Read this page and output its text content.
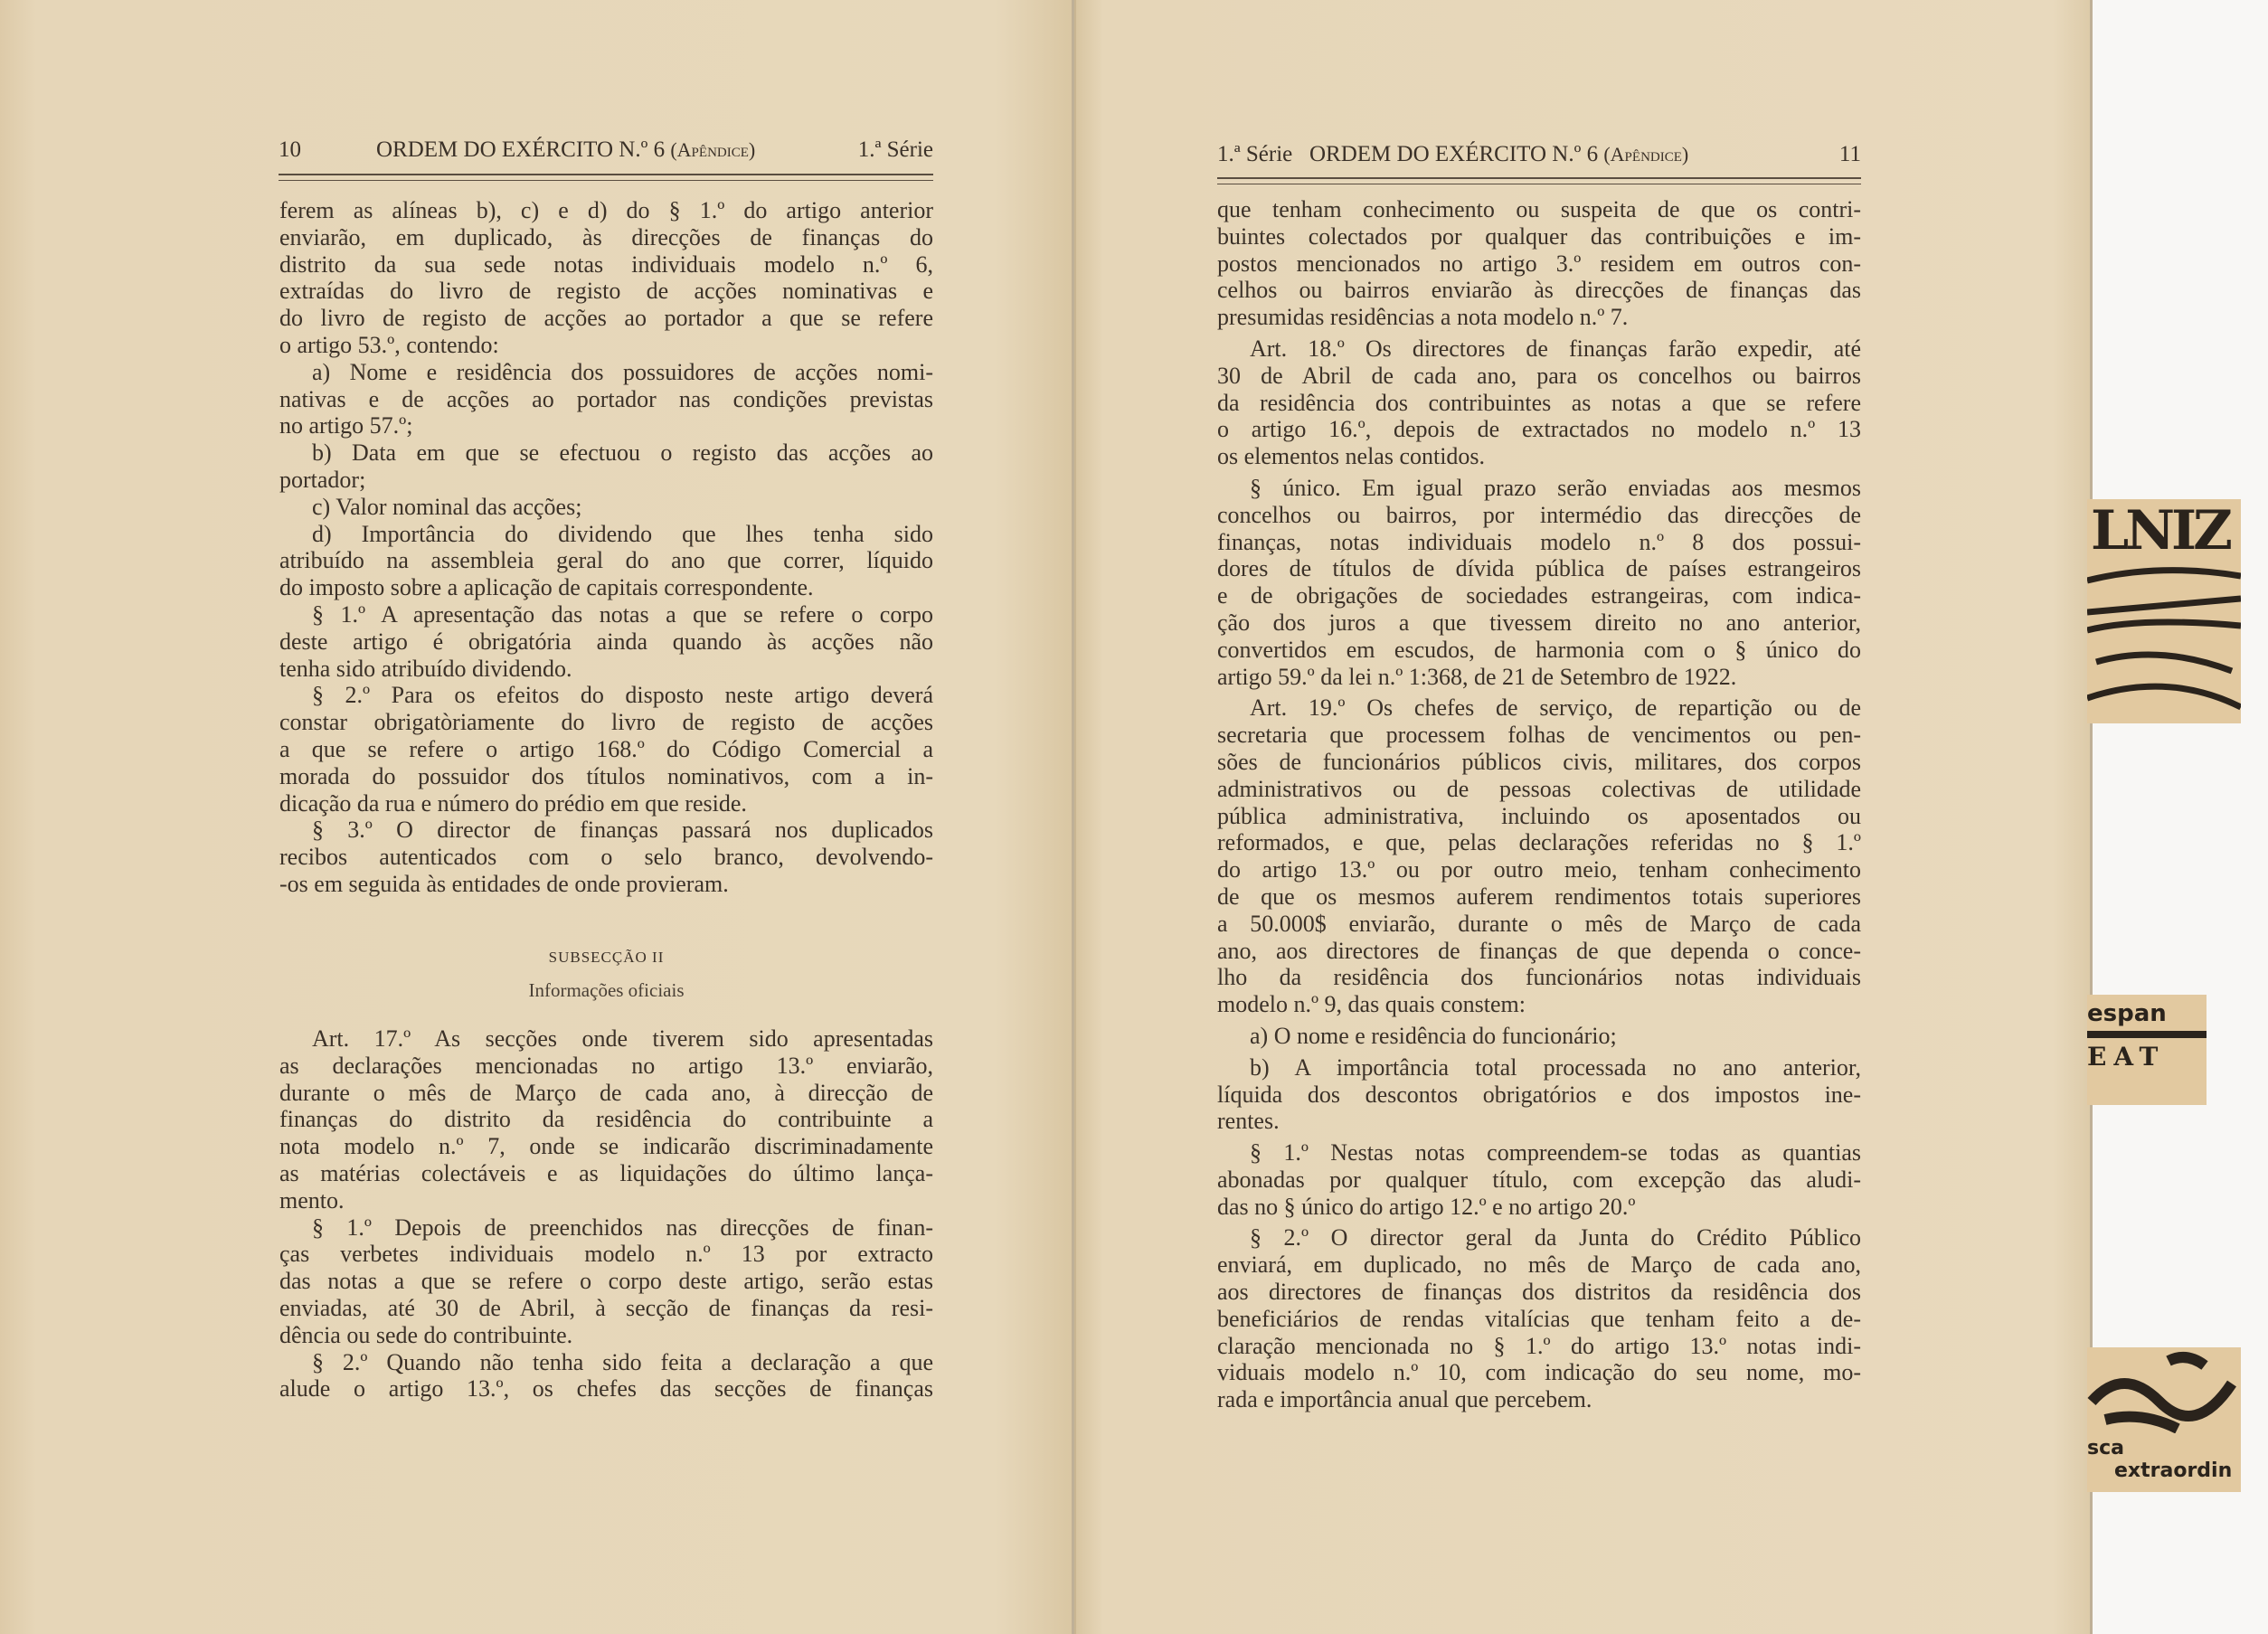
10	ORDEM DO EXÉRCITO N.º 6 (Apêndice)	1.ª Série
ferem as alíneas b), c) e d) do § 1.º do artigo anterior
enviarão, em duplicado, às direcções de finanças do
distrito da sua sede notas individuais modelo n.º 6,
extraídas do livro de registo de acções nominativas e
do livro de registo de acções ao portador a que se refere
o artigo 53.º, contendo:
a) Nome e residência dos possuidores de acções nomi-
nativas e de acções ao portador nas condições previstas
no artigo 57.º;
b) Data em que se efectuou o registo das acções ao
portador;
c) Valor nominal das acções;
d) Importância do dividendo que lhes tenha sido
atribuído na assembleia geral do ano que correr, líquido
do imposto sobre a aplicação de capitais correspondente.
§ 1.º A apresentação das notas a que se refere o corpo
deste artigo é obrigatória ainda quando às acções não
tenha sido atribuído dividendo.
§ 2.º Para os efeitos do disposto neste artigo deverá
constar obrigatòriamente do livro de registo de acções
a que se refere o artigo 168.º do Código Comercial a
morada do possuidor dos títulos nominativos, com a in-
dicação da rua e número do prédio em que reside.
§ 3.º O director de finanças passará nos duplicados
recibos autenticados com o selo branco, devolvendo-
-os em seguida às entidades de onde provieram.
SUBSECÇÃO II
Informações oficiais
Art. 17.º As secções onde tiverem sido apresentadas
as declarações mencionadas no artigo 13.º enviarão,
durante o mês de Março de cada ano, à direcção de
finanças do distrito da residência do contribuinte a
nota modelo n.º 7, onde se indicarão discriminadamente
as matérias colectáveis e as liquidações do último lança-
mento.
§ 1.º Depois de preenchidos nas direcções de finan-
ças verbetes individuais modelo n.º 13 por extracto
das notas a que se refere o corpo deste artigo, serão estas
enviadas, até 30 de Abril, à secção de finanças da resi-
dência ou sede do contribuinte.
§ 2.º Quando não tenha sido feita a declaração a que
alude o artigo 13.º, os chefes das secções de finanças
1.ª Série ORDEM DO EXÉRCITO N.º 6 (Apêndice)	11
que tenham conhecimento ou suspeita de que os contri-
buintes colectados por qualquer das contribuições e im-
postos mencionados no artigo 3.º residem em outros con-
celhos ou bairros enviarão às direcções de finanças das
presumidas residências a nota modelo n.º 7.
Art. 18.º Os directores de finanças farão expedir, até
30 de Abril de cada ano, para os concelhos ou bairros
da residência dos contribuintes as notas a que se refere
o artigo 16.º, depois de extractados no modelo n.º 13
os elementos nelas contidos.
§ único. Em igual prazo serão enviadas aos mesmos
concelhos ou bairros, por intermédio das direcções de
finanças, notas individuais modelo n.º 8 dos possui-
dores de títulos de dívida pública de países estrangeiros
e de obrigações de sociedades estrangeiras, com indica-
ção dos juros a que tivessem direito no ano anterior,
convertidos em escudos, de harmonia com o § único do
artigo 59.º da lei n.º 1:368, de 21 de Setembro de 1922.
Art. 19.º Os chefes de serviço, de repartição ou de
secretaria que processem folhas de vencimentos ou pen-
sões de funcionários públicos civis, militares, dos corpos
administrativos ou de pessoas colectivas de utilidade
pública administrativa, incluindo os aposentados ou
reformados, e que, pelas declarações referidas no § 1.º
do artigo 13.º ou por outro meio, tenham conhecimento
de que os mesmos auferem rendimentos totais superiores
a 50.000$ enviarão, durante o mês de Março de cada
ano, aos directores de finanças de que dependa o conce-
lho da residência dos funcionários notas individuais
modelo n.º 9, das quais constem:
a) O nome e residência do funcionário;
b) A importância total processada no ano anterior,
líquida dos descontos obrigatórios e dos impostos ine-
rentes.
§ 1.º Nestas notas compreendem-se todas as quantias
abonadas por qualquer título, com excepção das aludi-
das no § único do artigo 12.º e no artigo 20.º
§ 2.º O director geral da Junta do Crédito Público
enviará, em duplicado, no mês de Março de cada ano,
aos directores de finanças dos distritos da residência dos
beneficiários de rendas vitalícias que tenham feito a de-
claração mencionada no § 1.º do artigo 13.º notas indi-
viduais modelo n.º 10, com indicação do seu nome, mo-
rada e importância anual que percebem.
LNIZ
espan
EAT
sca
extraordin
